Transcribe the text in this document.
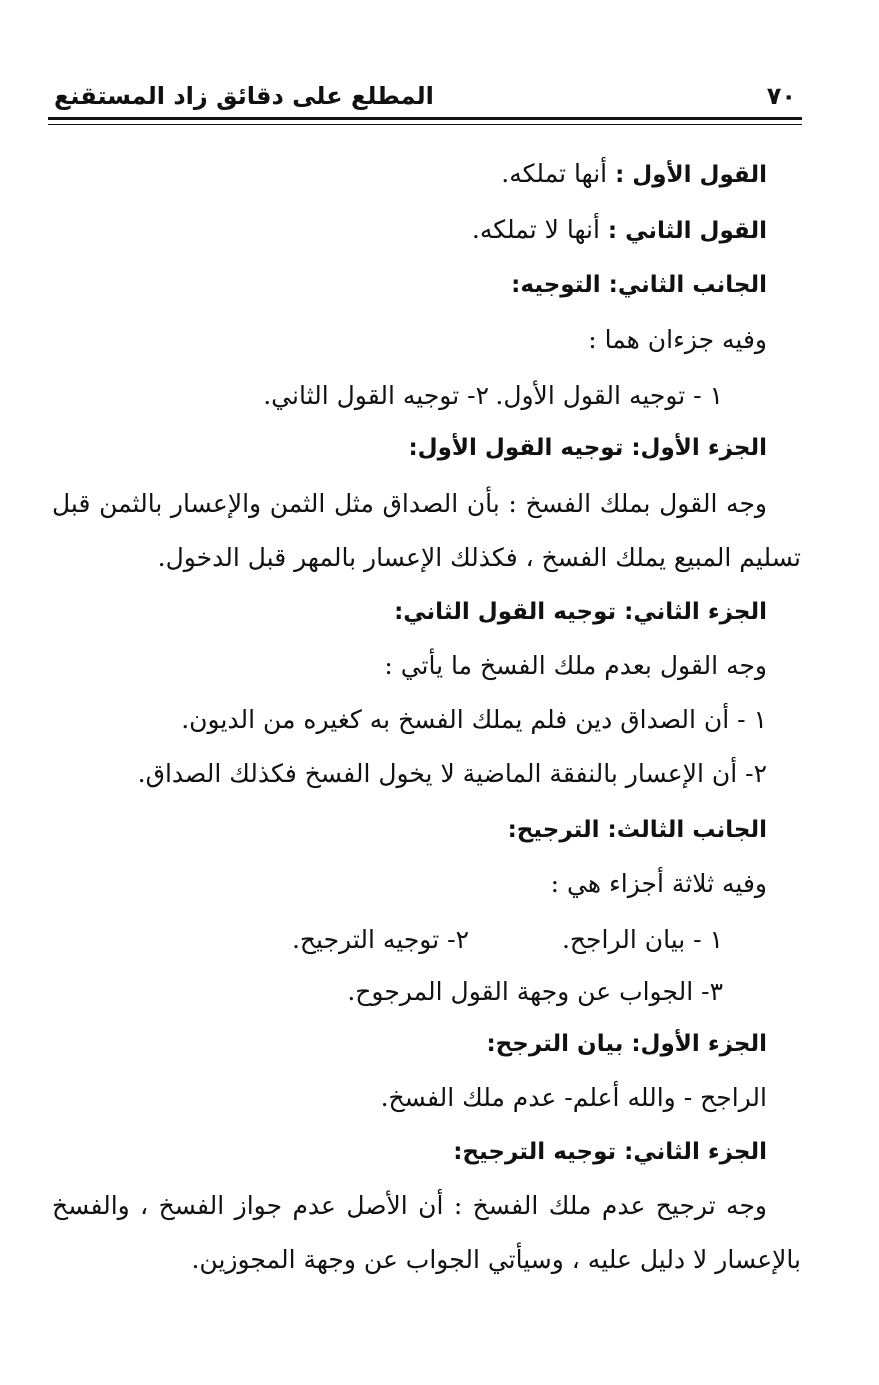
٧٠
المطلع على دقائق زاد المستقنع
القول الأول : أنها تملكه.
القول الثاني : أنها لا تملكه.
الجانب الثاني: التوجيه:
وفيه جزءان هما :
١ - توجيه القول الأول.
٢- توجيه القول الثاني.
الجزء الأول: توجيه القول الأول:
وجه القول بملك الفسخ : بأن الصداق مثل الثمن والإعسار بالثمن قبل
تسليم المبيع يملك الفسخ ، فكذلك الإعسار بالمهر قبل الدخول.
الجزء الثاني: توجيه القول الثاني:
وجه القول بعدم ملك الفسخ ما يأتي :
١ - أن الصداق دين فلم يملك الفسخ به كغيره من الديون.
٢- أن الإعسار بالنفقة الماضية لا يخول الفسخ فكذلك الصداق.
الجانب الثالث: الترجيح:
وفيه ثلاثة أجزاء هي :
١ - بيان الراجح.
٢- توجيه الترجيح.
٣- الجواب عن وجهة القول المرجوح.
الجزء الأول: بيان الترجح:
الراجح - والله أعلم- عدم ملك الفسخ.
الجزء الثاني: توجيه الترجيح:
وجه ترجيح عدم ملك الفسخ : أن الأصل عدم جواز الفسخ ، والفسخ
بالإعسار لا دليل عليه ، وسيأتي الجواب عن وجهة المجوزين.
